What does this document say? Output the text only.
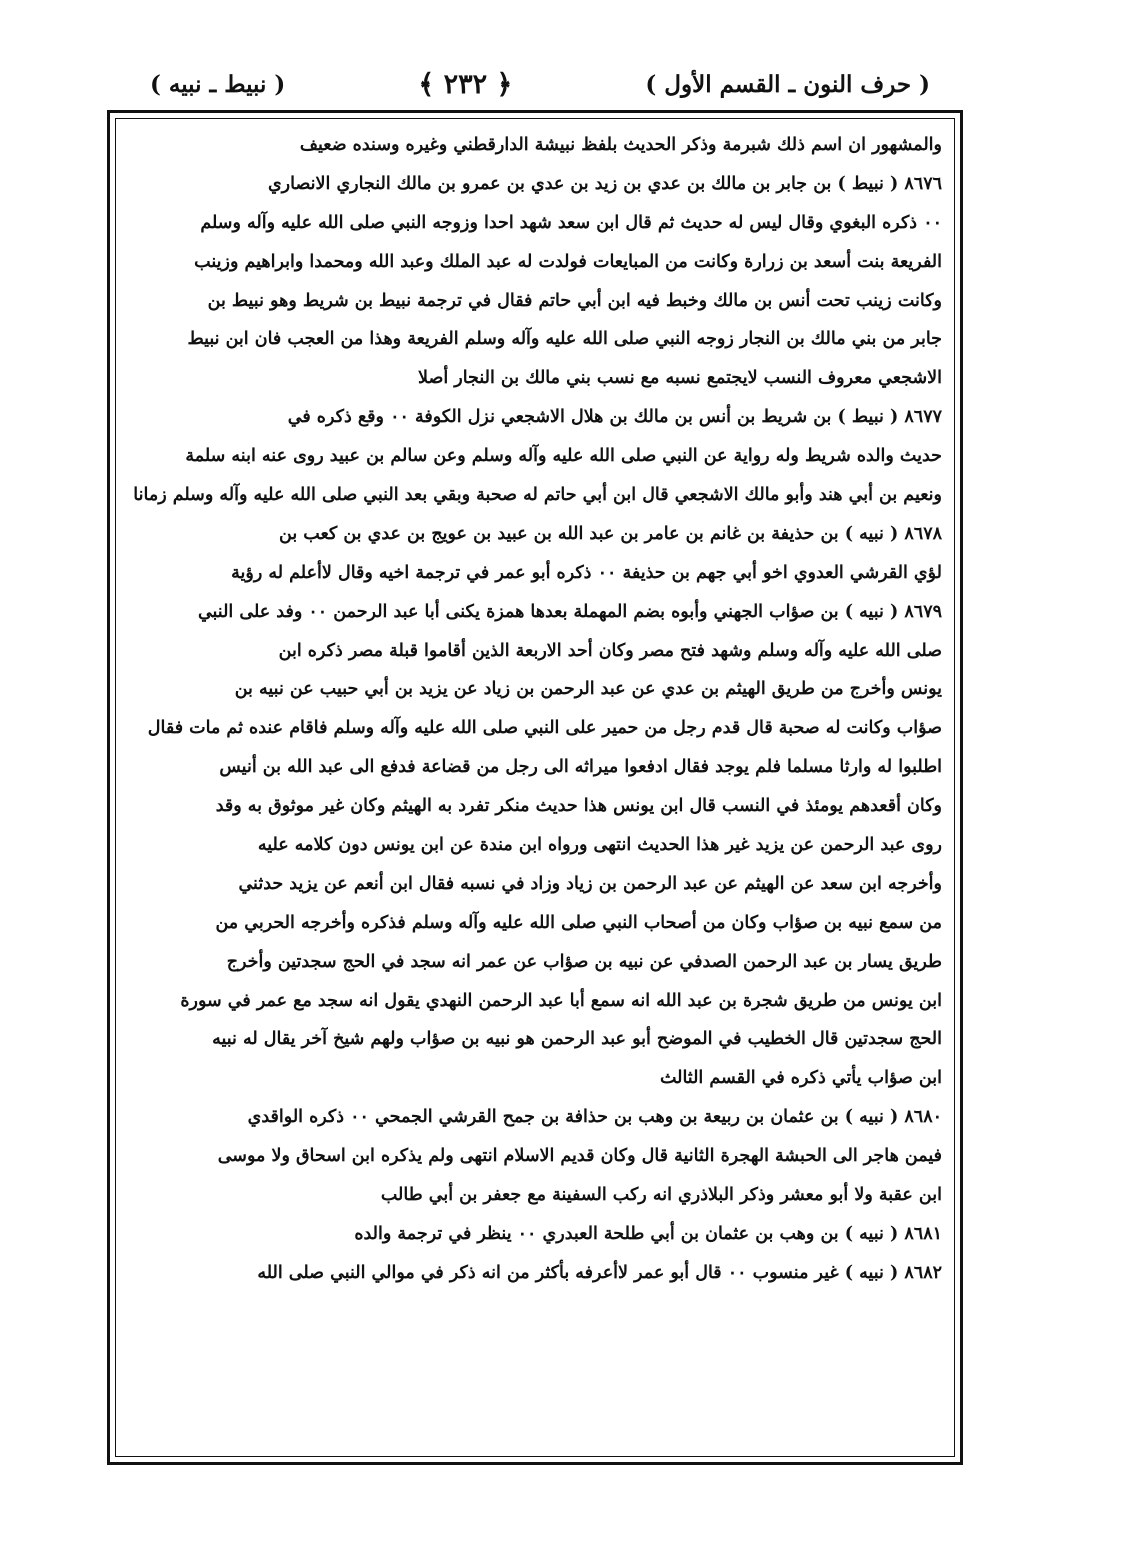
( حرف النون ـ القسم الأول )
﴿ ٢٣٢ ﴾
( نبيط ـ نبيه )
والمشهور ان اسم ذلك شبرمة وذكر الحديث بلفظ نبيشة الدارقطني وغيره وسنده ضعيف
٨٦٧٦ ( نبيط ) بن جابر بن مالك بن عدي بن زيد بن عدي بن عمرو بن مالك النجاري الانصاري
٠٠ ذكره البغوي وقال ليس له حديث ثم قال ابن سعد شهد احدا وزوجه النبي صلى الله عليه وآله وسلم
الفريعة بنت أسعد بن زرارة وكانت من المبايعات فولدت له عبد الملك وعبد الله ومحمدا وابراهيم وزينب
وكانت زينب تحت أنس بن مالك وخبط فيه ابن أبي حاتم فقال في ترجمة نبيط بن شريط وهو نبيط بن
جابر من بني مالك بن النجار زوجه النبي صلى الله عليه وآله وسلم الفريعة وهذا من العجب فان ابن نبيط
الاشجعي معروف النسب لايجتمع نسبه مع نسب بني مالك بن النجار أصلا
٨٦٧٧ ( نبيط ) بن شريط بن أنس بن مالك بن هلال الاشجعي نزل الكوفة ٠٠ وقع ذكره في
حديث والده شريط وله رواية عن النبي صلى الله عليه وآله وسلم وعن سالم بن عبيد روى عنه ابنه سلمة
ونعيم بن أبي هند وأبو مالك الاشجعي قال ابن أبي حاتم له صحبة وبقي بعد النبي صلى الله عليه وآله وسلم زمانا
٨٦٧٨ ( نبيه ) بن حذيفة بن غانم بن عامر بن عبد الله بن عبيد بن عويج بن عدي بن كعب بن
لؤي القرشي العدوي اخو أبي جهم بن حذيفة ٠٠ ذكره أبو عمر في ترجمة اخيه وقال لاأعلم له رؤية
٨٦٧٩ ( نبيه ) بن صؤاب الجهني وأبوه بضم المهملة بعدها همزة يكنى أبا عبد الرحمن ٠٠ وفد على النبي
صلى الله عليه وآله وسلم وشهد فتح مصر وكان أحد الاربعة الذين أقاموا قبلة مصر ذكره ابن
يونس وأخرج من طريق الهيثم بن عدي عن عبد الرحمن بن زياد عن يزيد بن أبي حبيب عن نبيه بن
صؤاب وكانت له صحبة قال قدم رجل من حمير على النبي صلى الله عليه وآله وسلم فاقام عنده ثم مات فقال
اطلبوا له وارثا مسلما فلم يوجد فقال ادفعوا ميراثه الى رجل من قضاعة فدفع الى عبد الله بن أنيس
وكان أقعدهم يومئذ في النسب قال ابن يونس هذا حديث منكر تفرد به الهيثم وكان غير موثوق به وقد
روى عبد الرحمن عن يزيد غير هذا الحديث انتهى ورواه ابن مندة عن ابن يونس دون كلامه عليه
وأخرجه ابن سعد عن الهيثم عن عبد الرحمن بن زياد وزاد في نسبه فقال ابن أنعم عن يزيد حدثني
من سمع نبيه بن صؤاب وكان من أصحاب النبي صلى الله عليه وآله وسلم فذكره وأخرجه الحربي من
طريق يسار بن عبد الرحمن الصدفي عن نبيه بن صؤاب عن عمر انه سجد في الحج سجدتين وأخرج
ابن يونس من طريق شجرة بن عبد الله انه سمع أبا عبد الرحمن النهدي يقول انه سجد مع عمر في سورة
الحج سجدتين قال الخطيب في الموضح أبو عبد الرحمن هو نبيه بن صؤاب ولهم شيخ آخر يقال له نبيه
ابن صؤاب يأتي ذكره في القسم الثالث
٨٦٨٠ ( نبيه ) بن عثمان بن ربيعة بن وهب بن حذافة بن جمح القرشي الجمحي ٠٠ ذكره الواقدي
فيمن هاجر الى الحبشة الهجرة الثانية قال وكان قديم الاسلام انتهى ولم يذكره ابن اسحاق ولا موسى
ابن عقبة ولا أبو معشر وذكر البلاذري انه ركب السفينة مع جعفر بن أبي طالب
٨٦٨١ ( نبيه ) بن وهب بن عثمان بن أبي طلحة العبدري ٠٠ ينظر في ترجمة والده
٨٦٨٢ ( نبيه ) غير منسوب ٠٠ قال أبو عمر لاأعرفه بأكثر من انه ذكر في موالي النبي صلى الله
